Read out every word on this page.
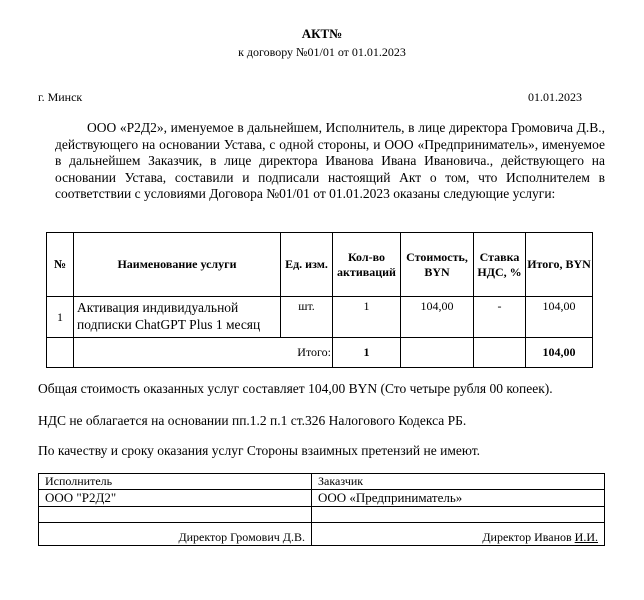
АКТ№
к договору №01/01 от 01.01.2023
г. Минск	01.01.2023
ООО «Р2Д2», именуемое в дальнейшем, Исполнитель, в лице директора Громовича Д.В., действующего на основании Устава, с одной стороны, и ООО «Предприниматель», именуемое в дальнейшем Заказчик, в лице директора Иванова Ивана Ивановича., действующего на основании Устава, составили и подписали настоящий Акт о том, что Исполнителем в соответствии с условиями Договора №01/01 от 01.01.2023 оказаны следующие услуги:
№	Наименование услуги	Ед. изм.	Кол-во активаций	Стоимость, BYN	Ставка НДС, %	Итого, BYN
1	Активация индивидуальной подписки ChatGPT Plus 1 месяц	шт.	1	104,00	-	104,00
	Итого:		1			104,00
Общая стоимость оказанных услуг составляет 104,00 BYN (Сто четыре рубля 00 копеек).
НДС не облагается на основании пп.1.2 п.1 ст.326 Налогового Кодекса РБ.
По качеству и сроку оказания услуг Стороны взаимных претензий не имеют.
Исполнитель	Заказчик
ООО "Р2Д2"	ООО «Предприниматель»

Директор Громович Д.В.	Директор Иванов И.И.
